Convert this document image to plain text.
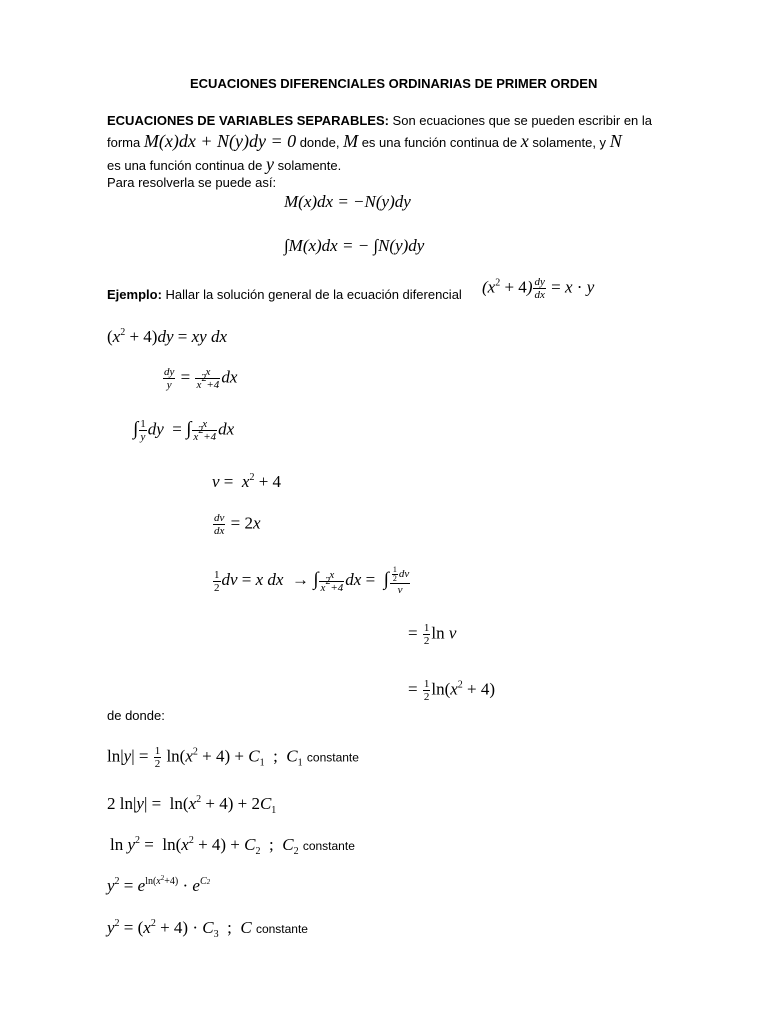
ECUACIONES DIFERENCIALES ORDINARIAS DE PRIMER ORDEN
ECUACIONES DE VARIABLES SEPARABLES: Son ecuaciones que se pueden escribir en la
forma M(x)dx + N(y)dy = 0 donde, M es una función continua de x solamente, y N
es una función continua de y solamente.
Para resolverla se puede así:
M(x)dx = −N(y)dy
∫M(x)dx = − ∫N(y)dy
Ejemplo: Hallar la solución general de la ecuación diferencial $(x^2 + 4) \frac{dy}{dx} = x \cdot y$
$(x^2 + 4)dy$ = xy dx
$\frac{dy}{y} = \frac{x}{x^2+4}$ dx
∫ $\frac{1}{y}$ dy  = ∫ $\frac{x}{x^2+4}$ dx
$v = x^2 + 4$
$\frac{dv}{dx} = 2x$
$\frac{1}{2}$ dv = x dx  → ∫ $\frac{x}{x^2+4}$ dx = ∫ $\frac{\frac{1}{2} dv}{v}$
= $\frac{1}{2}$ ln v
= $\frac{1}{2} \ln(x^2 + 4)$
de donde:
$\ln|y| = \frac{1}{2} \ln(x^2 + 4) + C_1$ ;  $C_1$ constante
2 $\ln|y| = \ln(x^2 + 4) + 2C_1$
$\ln y^2 = \ln(x^2 + 4) + C_2$ ;  $C_2$ constante
$y^2 = e^{ln(x^2+4)} \cdot e^{C2}$
$y^2 = (x^2 + 4) \cdot C_3$ ;  C constante
